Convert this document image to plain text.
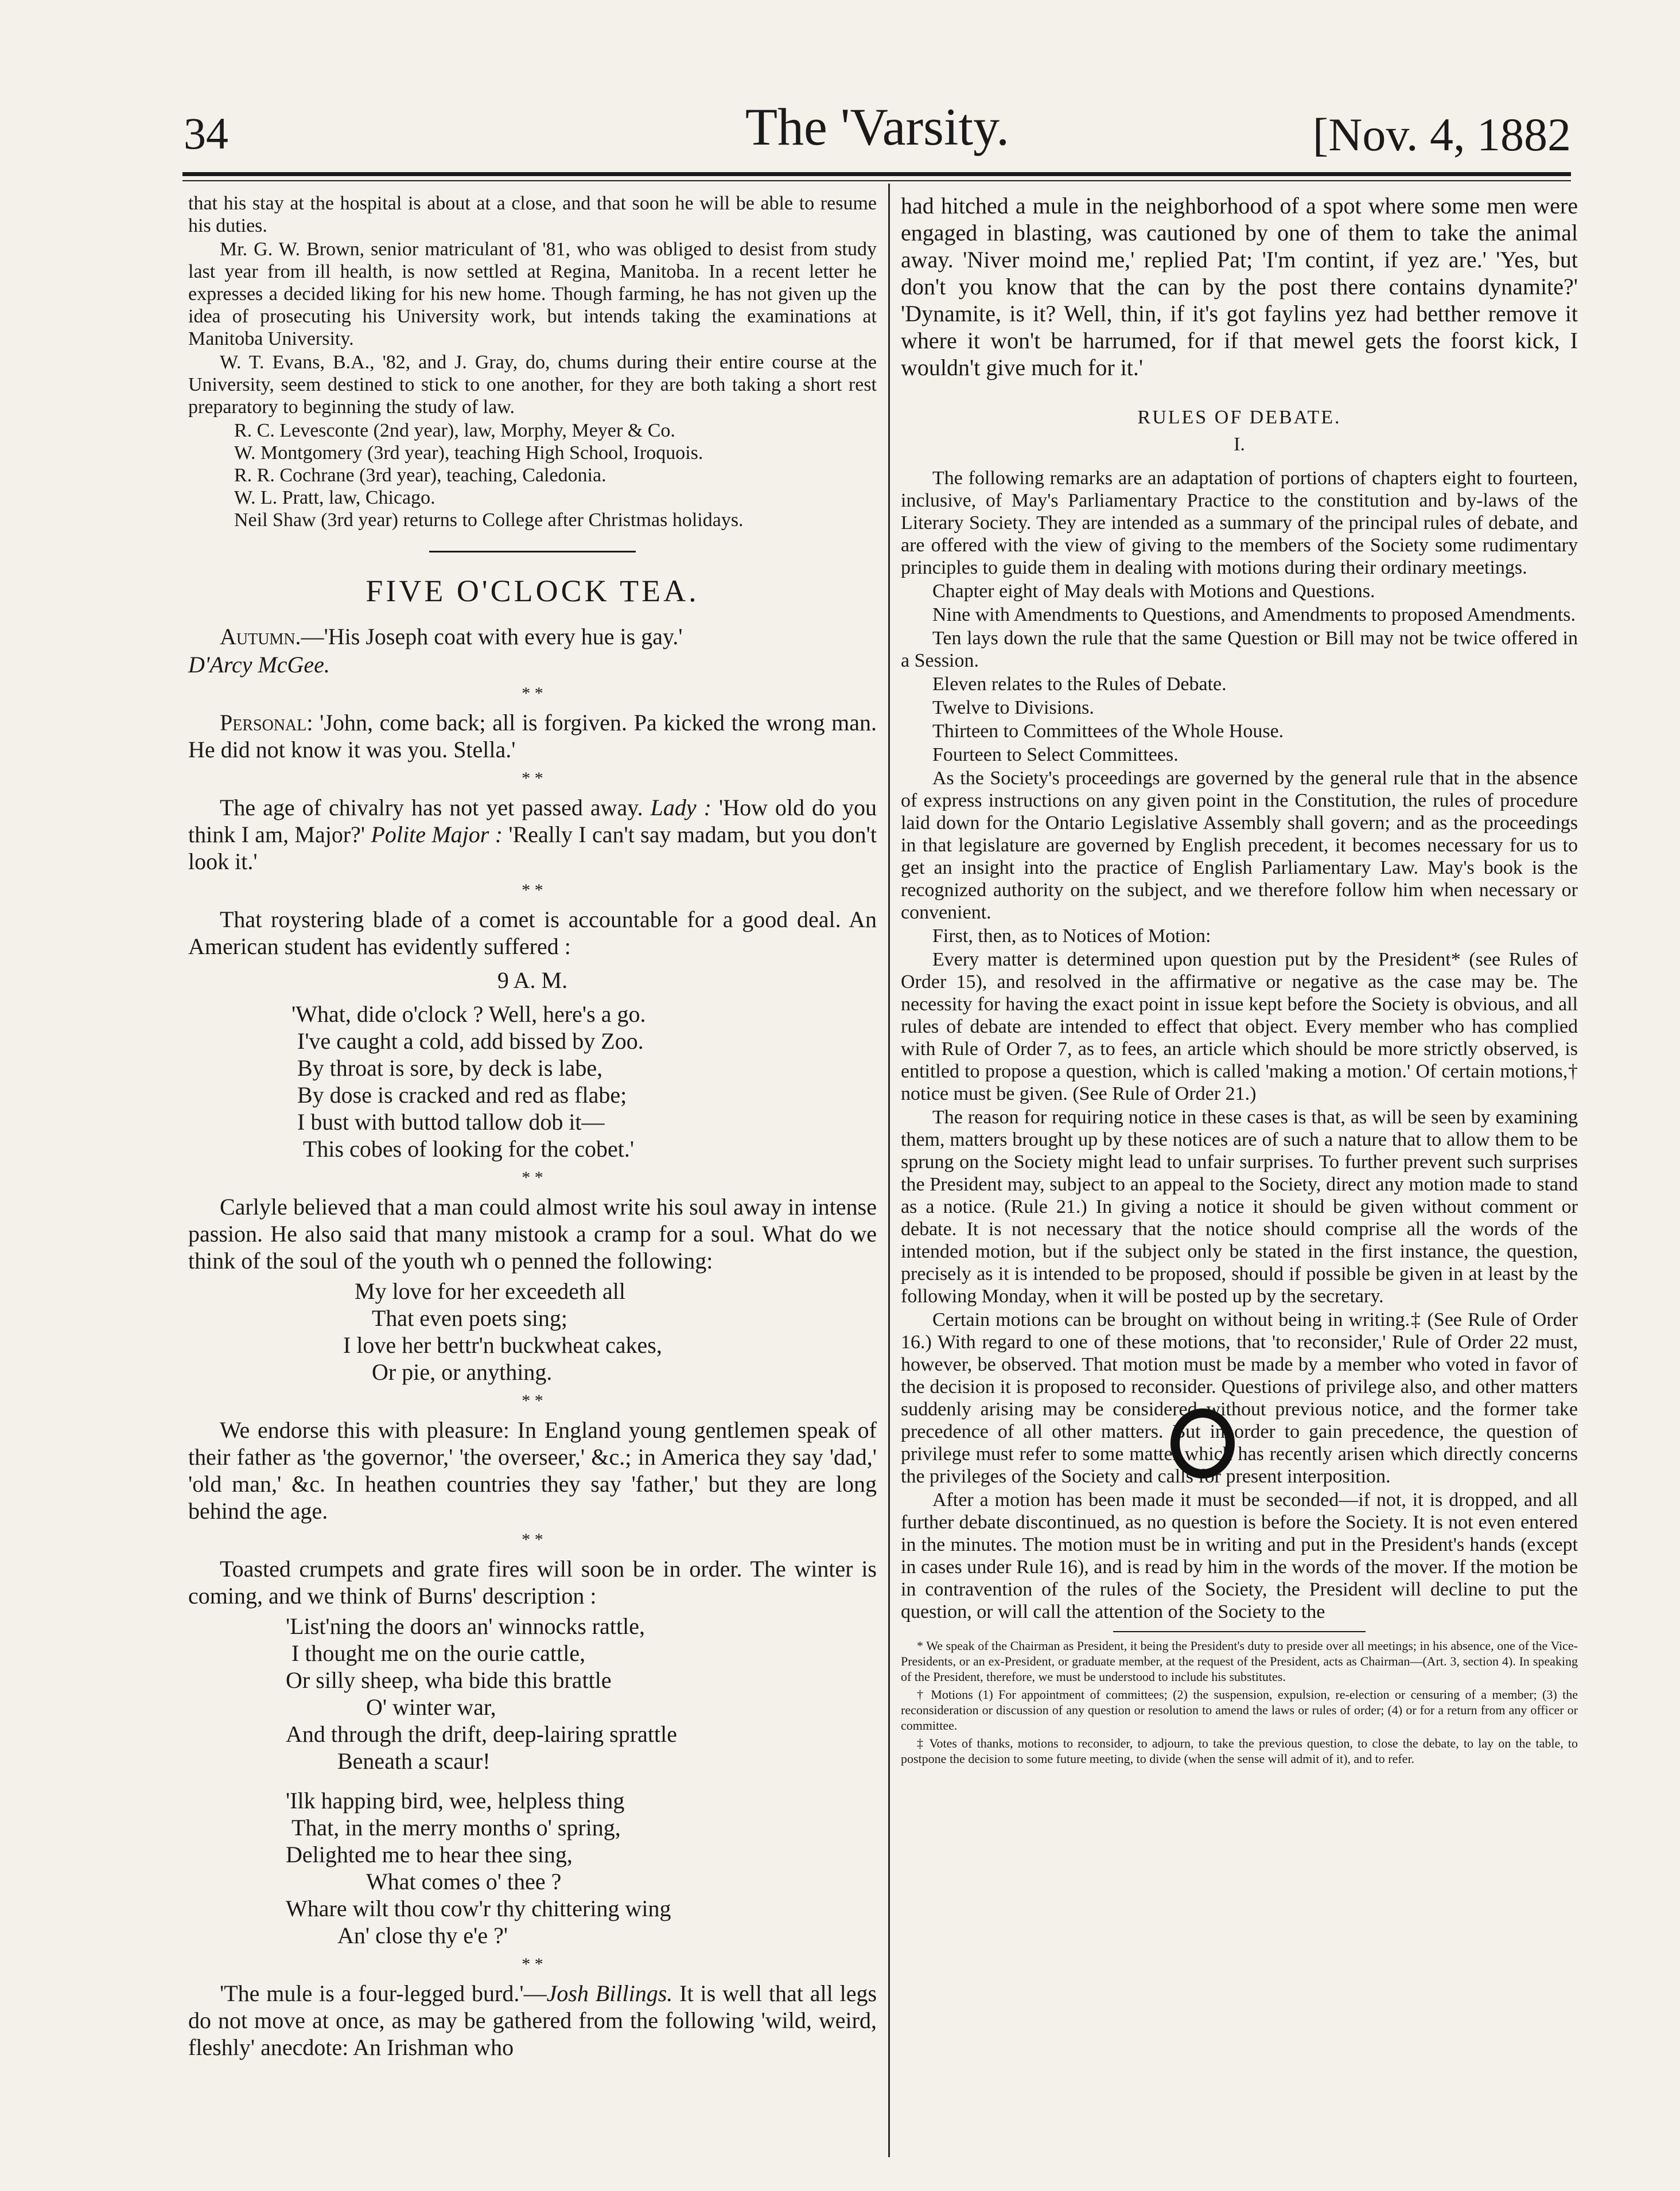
34	The 'Varsity.	[Nov. 4, 1882

that his stay at the hospital is about at a close, and that soon he will be able to resume his duties.

Mr. G. W. Brown, senior matriculant of '81, who was obliged to desist from study last year from ill health, is now settled at Regina, Manitoba. In a recent letter he expresses a decided liking for his new home. Though farming, he has not given up the idea of prosecuting his University work, but intends taking the examinations at Manitoba University.

W. T. Evans, B.A., '82, and J. Gray, do, chums during their entire course at the University, seem destined to stick to one another, for they are both taking a short rest preparatory to beginning the study of law.

R. C. Levesconte (2nd year), law, Morphy, Meyer & Co.

W. Montgomery (3rd year), teaching High School, Iroquois.

R. R. Cochrane (3rd year), teaching, Caledonia.

W. L. Pratt, law, Chicago.

Neil Shaw (3rd year) returns to College after Christmas holidays.

FIVE O'CLOCK TEA.

Autumn.—'His Joseph coat with every hue is gay.'

D'Arcy McGee.

* *

Personal: 'John, come back; all is forgiven. Pa kicked the wrong man. He did not know it was you. Stella.'

* *

The age of chivalry has not yet passed away. Lady : 'How old do you think I am, Major?' Polite Major : 'Really I can't say madam, but you don't look it.'

* *

That roystering blade of a comet is accountable for a good deal. An American student has evidently suffered :

9 A. M.
'What, dide o'clock ? Well, here's a go.
I've caught a cold, add bissed by Zoo.
By throat is sore, by deck is labe,
By dose is cracked and red as flabe;
I bust with buttod tallow dob it—
This cobes of looking for the cobet.'
* *

Carlyle believed that a man could almost write his soul away in intense passion. He also said that many mistook a cramp for a soul. What do we think of the soul of the youth wh o penned the following:

My love for her exceedeth all
That even poets sing;
I love her bettr'n buckwheat cakes,
Or pie, or anything.
* *

We endorse this with pleasure: In England young gentlemen speak of their father as 'the governor,' 'the overseer,' &c.; in America they say 'dad,' 'old man,' &c. In heathen countries they say 'father,' but they are long behind the age.

* *

Toasted crumpets and grate fires will soon be in order. The winter is coming, and we think of Burns' description :

'List'ning the doors an' winnocks rattle,
I thought me on the ourie cattle,
Or silly sheep, wha bide this brattle
O' winter war,
And through the drift, deep-lairing sprattle
Beneath a scaur!
'Ilk happing bird, wee, helpless thing
That, in the merry months o' spring,
Delighted me to hear thee sing,
What comes o' thee ?
Whare wilt thou cow'r thy chittering wing
An' close thy e'e ?'
* *

'The mule is a four-legged burd.'—Josh Billings. It is well that all legs do not move at once, as may be gathered from the following 'wild, weird, fleshly' anecdote: An Irishman who

had hitched a mule in the neighborhood of a spot where some men were engaged in blasting, was cautioned by one of them to take the animal away. 'Niver moind me,' replied Pat; 'I'm contint, if yez are.' 'Yes, but don't you know that the can by the post there contains dynamite?' 'Dynamite, is it? Well, thin, if it's got faylins yez had betther remove it where it won't be harrumed, for if that mewel gets the foorst kick, I wouldn't give much for it.'

RULES OF DEBATE.
I.

The following remarks are an adaptation of portions of chapters eight to fourteen, inclusive, of May's Parliamentary Practice to the constitution and by-laws of the Literary Society. They are intended as a summary of the principal rules of debate, and are offered with the view of giving to the members of the Society some rudimentary principles to guide them in dealing with motions during their ordinary meetings.

Chapter eight of May deals with Motions and Questions.

Nine with Amendments to Questions, and Amendments to proposed Amendments.

Ten lays down the rule that the same Question or Bill may not be twice offered in a Session.

Eleven relates to the Rules of Debate.

Twelve to Divisions.

Thirteen to Committees of the Whole House.

Fourteen to Select Committees.

As the Society's proceedings are governed by the general rule that in the absence of express instructions on any given point in the Constitution, the rules of procedure laid down for the Ontario Legislative Assembly shall govern; and as the proceedings in that legislature are governed by English precedent, it becomes necessary for us to get an insight into the practice of English Parliamentary Law. May's book is the recognized authority on the subject, and we therefore follow him when necessary or convenient.

First, then, as to Notices of Motion:

Every matter is determined upon question put by the President* (see Rules of Order 15), and resolved in the affirmative or negative as the case may be. The necessity for having the exact point in issue kept before the Society is obvious, and all rules of debate are intended to effect that object. Every member who has complied with Rule of Order 7, as to fees, an article which should be more strictly observed, is entitled to propose a question, which is called 'making a motion.' Of certain motions,† notice must be given. (See Rule of Order 21.)

The reason for requiring notice in these cases is that, as will be seen by examining them, matters brought up by these notices are of such a nature that to allow them to be sprung on the Society might lead to unfair surprises. To further prevent such surprises the President may, subject to an appeal to the Society, direct any motion made to stand as a notice. (Rule 21.) In giving a notice it should be given without comment or debate. It is not necessary that the notice should comprise all the words of the intended motion, but if the subject only be stated in the first instance, the question, precisely as it is intended to be proposed, should if possible be given in at least by the following Monday, when it will be posted up by the secretary.

Certain motions can be brought on without being in writing.‡ (See Rule of Order 16.) With regard to one of these motions, that 'to reconsider,' Rule of Order 22 must, however, be observed. That motion must be made by a member who voted in favor of the decision it is proposed to reconsider. Questions of privilege also, and other matters suddenly arising may be considered without previous notice, and the former take precedence of all other matters. But in order to gain precedence, the question of privilege must refer to some matter which has recently arisen which directly concerns the privileges of the Society and calls for present interposition.

After a motion has been made it must be seconded—if not, it is dropped, and all further debate discontinued, as no question is before the Society. It is not even entered in the minutes. The motion must be in writing and put in the President's hands (except in cases under Rule 16), and is read by him in the words of the mover. If the motion be in contravention of the rules of the Society, the President will decline to put the question, or will call the attention of the Society to the

* We speak of the Chairman as President, it being the President's duty to preside over all meetings; in his absence, one of the Vice-Presidents, or an ex-President, or graduate member, at the request of the President, acts as Chairman—(Art. 3, section 4). In speaking of the President, therefore, we must be understood to include his substitutes.

† Motions (1) For appointment of committees; (2) the suspension, expulsion, re-election or censuring of a member; (3) the reconsideration or discussion of any question or resolution to amend the laws or rules of order; (4) or for a return from any officer or committee.

‡ Votes of thanks, motions to reconsider, to adjourn, to take the previous question, to close the debate, to lay on the table, to postpone the decision to some future meeting, to divide (when the sense will admit of it), and to refer.
